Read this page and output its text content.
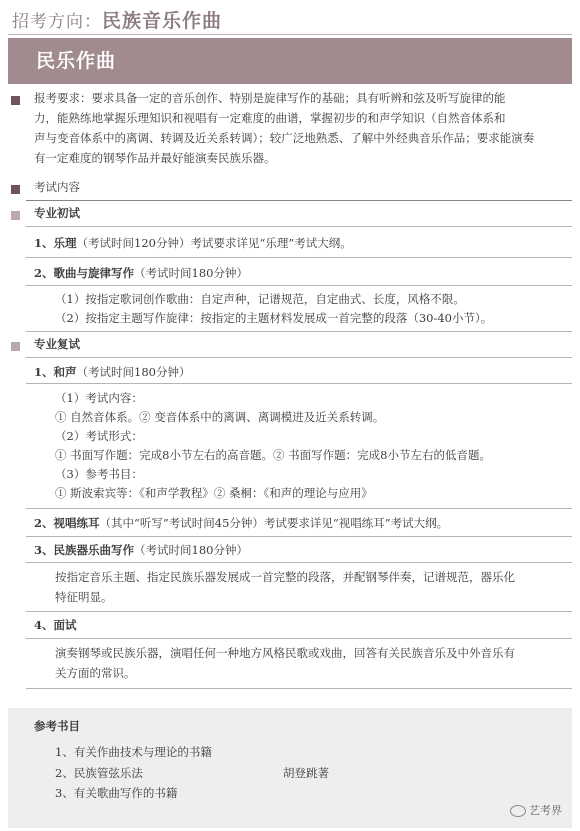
招考方向：民族音乐作曲
民乐作曲
报考要求：要求具备一定的音乐创作、特别是旋律写作的基础；具有听辨和弦及听写旋律的能
力，能熟练地掌握乐理知识和视唱有一定难度的曲谱，掌握初步的和声学知识（自然音体系和
声与变音体系中的离调、转调及近关系转调）；较广泛地熟悉、了解中外经典音乐作品；要求能演奏
有一定难度的钢琴作品并最好能演奏民族乐器。
考试内容
专业初试
1、乐理（考试时间120分钟）考试要求详见“乐理”考试大纲。
2、歌曲与旋律写作（考试时间180分钟）
（1）按指定歌词创作歌曲：自定声种，记谱规范，自定曲式、长度，风格不限。
（2）按指定主题写作旋律：按指定的主题材料发展成一首完整的段落（30-40小节）。
专业复试
1、和声（考试时间180分钟）
（1）考试内容：
① 自然音体系。② 变音体系中的离调、离调模进及近关系转调。
（2）考试形式：
① 书面写作题：完成8小节左右的高音题。② 书面写作题：完成8小节左右的低音题。
（3）参考书目：
① 斯波索宾等：《和声学教程》② 桑桐：《和声的理论与应用》
2、视唱练耳（其中“听写”考试时间45分钟）考试要求详见“视唱练耳”考试大纲。
3、民族器乐曲写作（考试时间180分钟）
按指定音乐主题、指定民族乐器发展成一首完整的段落，并配钢琴伴奏，记谱规范，器乐化
特征明显。
4、面试
演奏钢琴或民族乐器，演唱任何一种地方风格民歌或戏曲，回答有关民族音乐及中外音乐有
关方面的常识。
参考书目
1、有关作曲技术与理论的书籍
2、民族管弦乐法	胡登跳著
3、有关歌曲写作的书籍
艺考界
